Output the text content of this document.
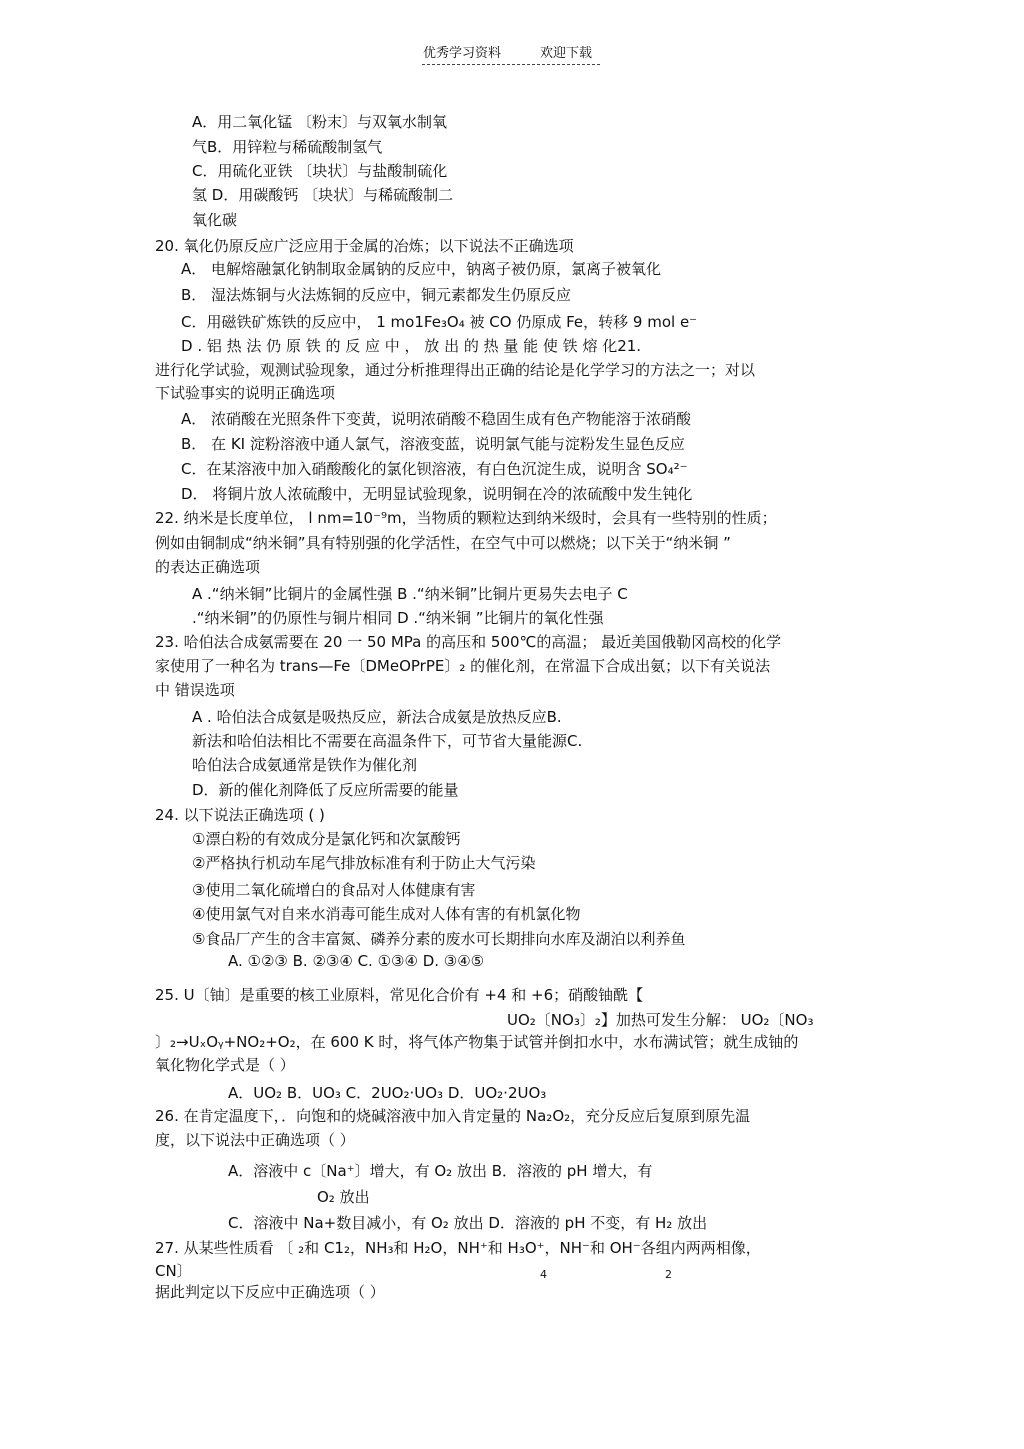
优秀学习资料	欢迎下载
A．用二氧化锰 〔粉末〕与双氧水制氧
气B．用锌粒与稀硫酸制氢气
C．用硫化亚铁 〔块状〕与盐酸制硫化
氢 D．用碳酸钙 〔块状〕与稀硫酸制二
氧化碳
20. 氧化仍原反应广泛应用于金属的冶炼；以下说法不正确选项
A． 电解熔融氯化钠制取金属钠的反应中，钠离子被仍原，氯离子被氧化
B． 湿法炼铜与火法炼铜的反应中，铜元素都发生仍原反应
C．用磁铁矿炼铁的反应中， 1 mo1Fe₃O₄ 被 CO 仍原成 Fe，转移 9 mol e⁻
D . 铝 热 法 仍 原 铁 的 反 应 中 ， 放 出 的 热 量 能 使 铁 熔 化21.
进行化学试验，观测试验现象，通过分析推理得出正确的结论是化学学习的方法之一；对以
下试验事实的说明正确选项
A． 浓硝酸在光照条件下变黄，说明浓硝酸不稳固生成有色产物能溶于浓硝酸
B． 在 KI 淀粉溶液中通人氯气，溶液变蓝，说明氯气能与淀粉发生显色反应
C．在某溶液中加入硝酸酸化的氯化钡溶液，有白色沉淀生成，说明含 SO₄²⁻
D． 将铜片放人浓硫酸中，无明显试验现象，说明铜在冷的浓硫酸中发生钝化
22. 纳米是长度单位， l nm=10⁻⁹m，当物质的颗粒达到纳米级时，会具有一些特别的性质；
例如由铜制成“纳米铜”具有特别强的化学活性，在空气中可以燃烧；以下关于“纳米铜 ”
的表达正确选项
A .“纳米铜”比铜片的金属性强 B .“纳米铜”比铜片更易失去电子 C
.“纳米铜”的仍原性与铜片相同 D .“纳米铜 ”比铜片的氧化性强
23. 哈伯法合成氨需要在 20 一 50 MPa 的高压和 500℃的高温； 最近美国俄勒冈高校的化学
家使用了一种名为 trans—Fe〔DMeOPrPE〕₂ 的催化剂，在常温下合成出氨；以下有关说法
中 错误选项
A . 哈伯法合成氨是吸热反应，新法合成氨是放热反应B.
新法和哈伯法相比不需要在高温条件下，可节省大量能源C.
哈伯法合成氨通常是铁作为催化剂
D．新的催化剂降低了反应所需要的能量
24. 以下说法正确选项 ( )
①漂白粉的有效成分是氯化钙和次氯酸钙
②严格执行机动车尾气排放标准有利于防止大气污染
③使用二氧化硫增白的食品对人体健康有害
④使用氯气对自来水消毒可能生成对人体有害的有机氯化物
⑤食品厂产生的含丰富氮、磷养分素的废水可长期排向水库及湖泊以利养鱼
A. ①②③ B. ②③④ C. ①③④ D. ③④⑤
25. U〔铀〕是重要的核工业原料，常见化合价有 +4 和 +6；硝酸铀酰【
UO₂〔NO₃〕₂】加热可发生分解： UO₂〔NO₃
〕₂→UₓOᵧ+NO₂+O₂，在 600 K 时，将气体产物集于试管并倒扣水中，水布满试管；就生成铀的
氧化物化学式是（ ）
A．UO₂ B．UO₃ C．2UO₂·UO₃ D．UO₂·2UO₃
26. 在肯定温度下，．向饱和的烧碱溶液中加入肯定量的 Na₂O₂，充分反应后复原到原先温
度，以下说法中正确选项（ ）
A．溶液中 c〔Na⁺〕增大，有 O₂ 放出 B．溶液的 pH 增大，有
O₂ 放出
C．溶液中 Na+数目减小，有 O₂ 放出 D．溶液的 pH 不变，有 H₂ 放出
27. 从某些性质看 〔 ₂和 C1₂，NH₃和 H₂O，NH⁺和 H₃O⁺，NH⁻和 OH⁻各组内两两相像，
CN〕	4	2
据此判定以下反应中正确选项（ ）
